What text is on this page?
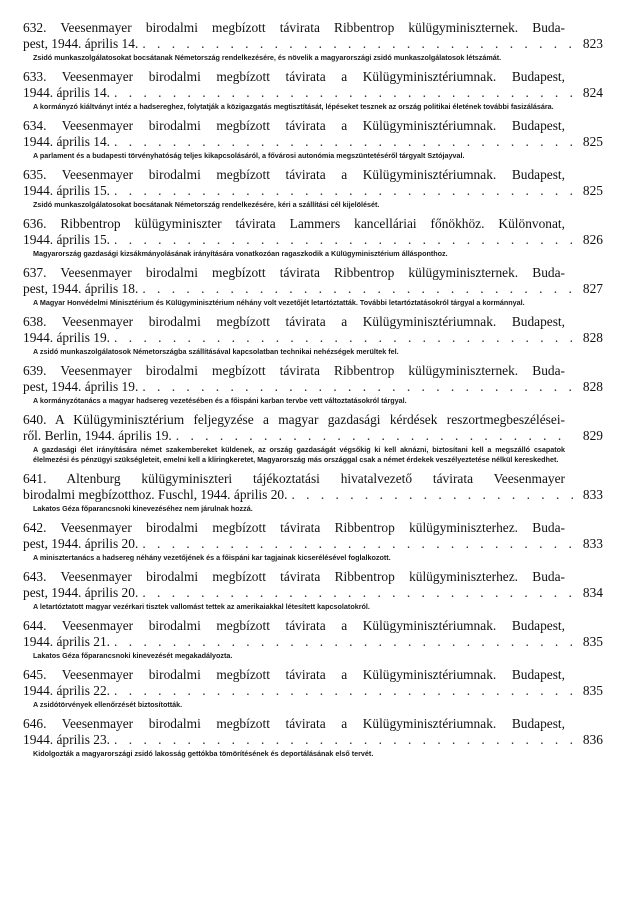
632. Veesenmayer birodalmi megbízott távirata Ribbentrop külügyminiszternek. Buda-
pest, 1944. április 14. . . .	823
Zsidó munkaszolgálatosokat bocsátanak Németország rendelkezésére, és növelik a magyarországi zsidó munkaszolgálatosok létszámát.
633. Veesenmayer birodalmi megbízott távirata a Külügyminisztériumnak. Budapest,
1944. április 14. . . .	824
A kormányzó kiáltványt intéz a hadsereghez, folytatják a közigazgatás megtisztítását, lépéseket tesznek az ország politikai életének további fasizálására.
634. Veesenmayer birodalmi megbízott távirata a Külügyminisztériumnak. Budapest,
1944. április 14. . . .	825
A parlament és a budapesti törvényhatóság teljes kikapcsolásáról, a fővárosi autonómia megszüntetéséről tárgyalt Sztójayval.
635. Veesenmayer birodalmi megbízott távirata a Külügyminisztériumnak. Budapest,
1944. április 15. . . .	825
Zsidó munkaszolgálatosokat bocsátanak Németország rendelkezésére, kéri a szállítási cél kijelölését.
636. Ribbentrop külügyminiszter távirata Lammers kancelláriai főnökhöz. Különvonat,
1944. április 15. . . .	826
Magyarország gazdasági kizsákmányolásának irányítására vonatkozóan ragaszkodik a Külügyminisztérium állásponthoz.
637. Veesenmayer birodalmi megbízott távirata Ribbentrop külügyminiszternek. Buda-
pest, 1944. április 18. . . .	827
A Magyar Honvédelmi Minisztérium és Külügyminisztérium néhány volt vezetőjét letartóztatták. További letartóztatásokról tárgyal a kormánnyal.
638. Veesenmayer birodalmi megbízott távirata a Külügyminisztériumnak. Budapest,
1944. április 19. . . .	828
A zsidó munkaszolgálatosok Németországba szállításával kapcsolatban technikai nehézségek merültek fel.
639. Veesenmayer birodalmi megbízott távirata Ribbentrop külügyminiszternek. Buda-
pest, 1944. április 19. . . .	828
A kormányzótanács a magyar hadsereg vezetésében és a főispáni karban tervbe vett változtatásokról tárgyal.
640. A Külügyminisztérium feljegyzése a magyar gazdasági kérdések reszortmegbeszélései-
ről. Berlin, 1944. április 19. . . .	829
A gazdasági élet irányítására német szakembereket küldenek, az ország gazdaságát végsőkig ki kell aknázni, biztosítani kell a megszálló csapatok élelmezési és pénzügyi szükségleteit, emelni kell a kliringkeretet, Magyarország más országgal csak a német érdekek veszélyeztetése nélkül kereskedhet.
641. Altenburg külügyminiszteri tájékoztatási hivatalvezető távirata Veesenmayer
birodalmi megbízotthoz. Fuschl, 1944. április 20. . . .	833
Lakatos Géza főparancsnoki kinevezéséhez nem járulnak hozzá.
642. Veesenmayer birodalmi megbízott távirata Ribbentrop külügyminiszterhez. Buda-
pest, 1944. április 20. . . .	833
A minisztertanács a hadsereg néhány vezetőjének és a főispáni kar tagjainak kicserélésével foglalkozott.
643. Veesenmayer birodalmi megbízott távirata Ribbentrop külügyminiszterhez. Buda-
pest, 1944. április 20. . . .	834
A letartóztatott magyar vezérkari tisztek vallomást tettek az amerikaiakkal létesített kapcsolatokról.
644. Veesenmayer birodalmi megbízott távirata a Külügyminisztériumnak. Budapest,
1944. április 21. . . .	835
Lakatos Géza főparancsnoki kinevezését megakadályozta.
645. Veesenmayer birodalmi megbízott távirata a Külügyminisztériumnak. Budapest,
1944. április 22. . . .	835
A zsidótörvények ellenőrzését biztosították.
646. Veesenmayer birodalmi megbízott távirata a Külügyminisztériumnak. Budapest,
1944. április 23. . . .	836
Kidolgozták a magyarországi zsidó lakosság gettókba tömörítésének és deportálásának első tervét.
